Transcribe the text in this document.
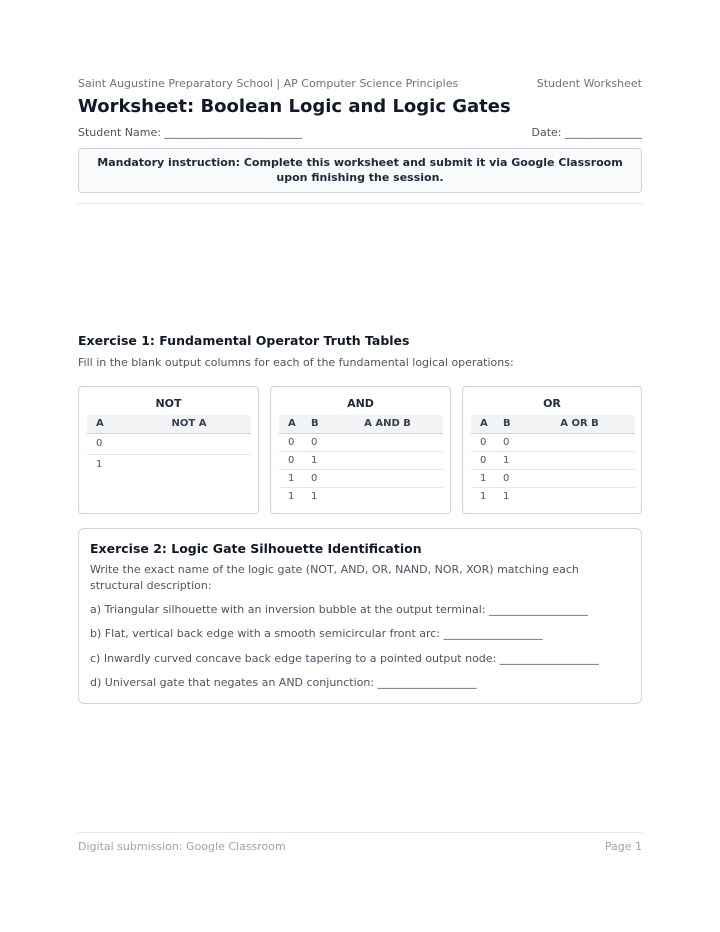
Saint Augustine Preparatory School | AP Computer Science Principles	Student Worksheet
Worksheet: Boolean Logic and Logic Gates
Student Name: _________________________	Date: ______________
Mandatory instruction: Complete this worksheet and submit it via Google Classroom upon finishing the session.
Exercise 1: Fundamental Operator Truth Tables
Fill in the blank output columns for each of the fundamental logical operations:
NOT
A	NOT A
0	
1	
AND
A	B	A AND B
0	0	
0	1	
1	0	
1	1	
OR
A	B	A OR B
0	0	
0	1	
1	0	
1	1	
Exercise 2: Logic Gate Silhouette Identification
Write the exact name of the logic gate (NOT, AND, OR, NAND, NOR, XOR) matching each structural description:
a) Triangular silhouette with an inversion bubble at the output terminal: __________________
b) Flat, vertical back edge with a smooth semicircular front arc: __________________
c) Inwardly curved concave back edge tapering to a pointed output node: __________________
d) Universal gate that negates an AND conjunction: __________________
Digital submission: Google Classroom	Page 1
